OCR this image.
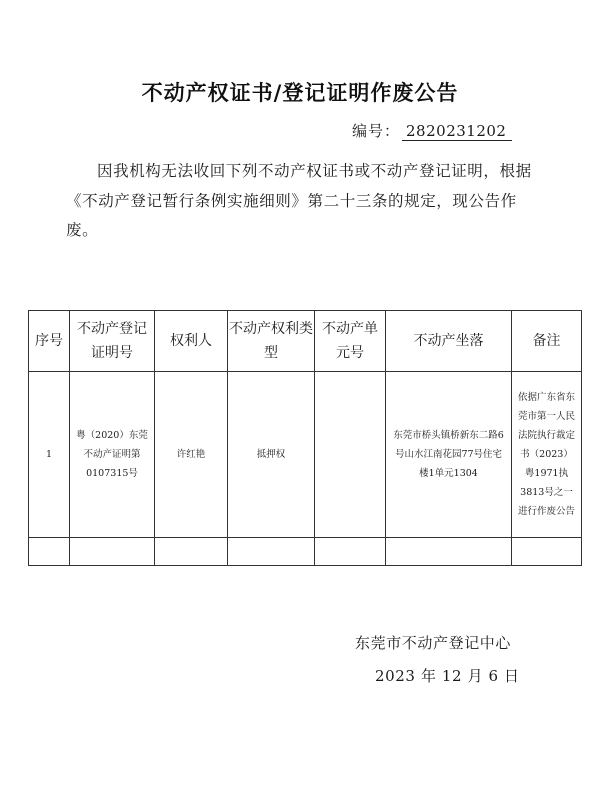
不动产权证书/登记证明作废公告
编号： 2820231202
因我机构无法收回下列不动产权证书或不动产登记证明，根据《不动产登记暂行条例实施细则》第二十三条的规定，现公告作废。
序号	不动产登记证明号	权利人	不动产权利类型	不动产单元号	不动产坐落	备注
1	粤（2020）东莞不动产证明第0107315号	许红艳	抵押权		东莞市桥头镇桥新东二路6号山水江南花园77号住宅楼1单元1304	依据广东省东莞市第一人民法院执行裁定书（2023）粤1971执3813号之一进行作废公告

东莞市不动产登记中心
2023 年 12 月 6 日
